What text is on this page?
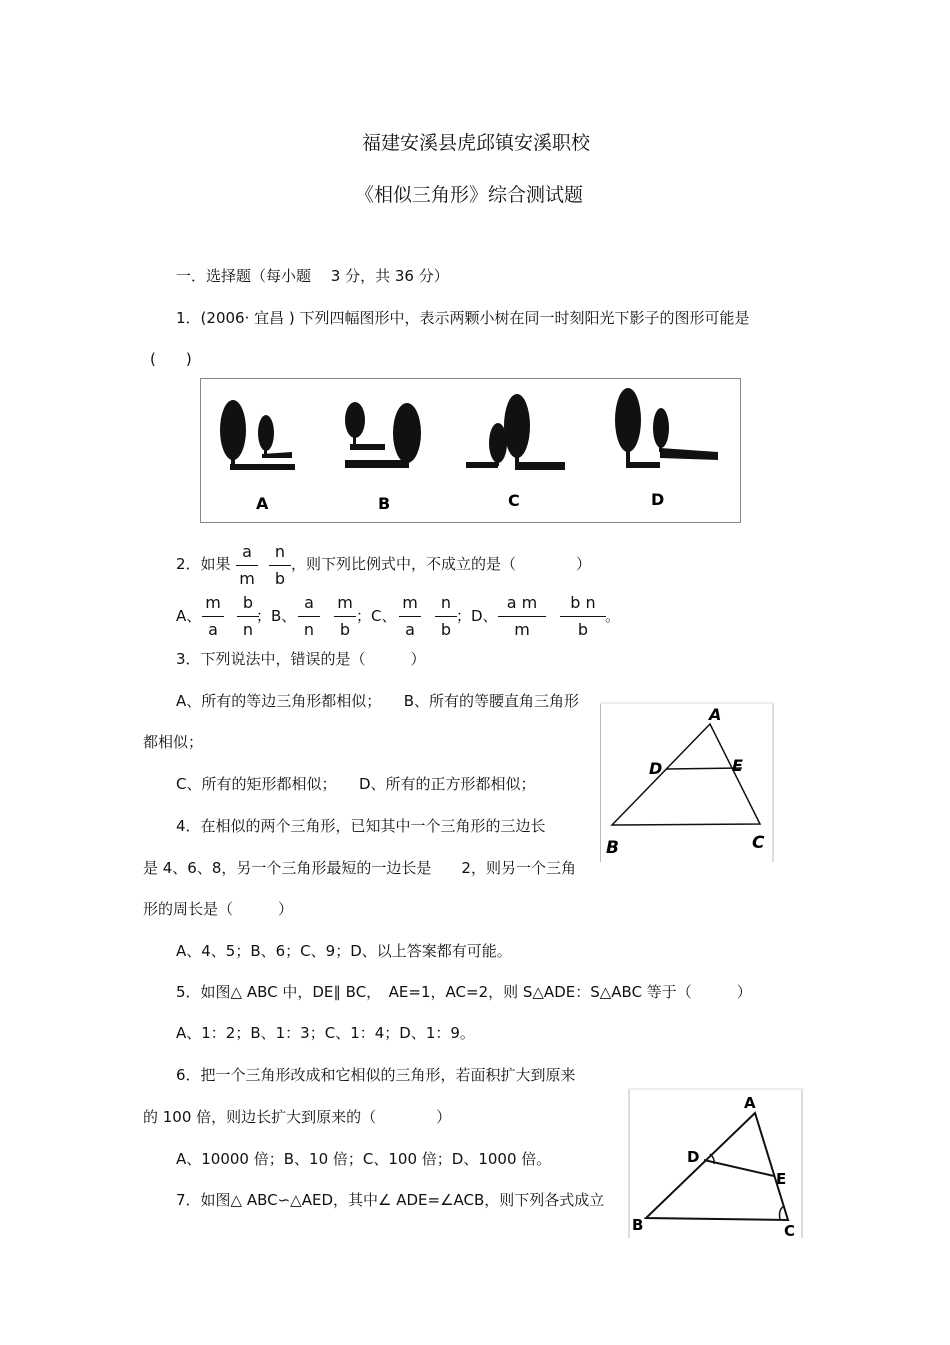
福建安溪县虎邱镇安溪职校
《相似三角形》综合测试题
一．选择题（每小题　 3 分，共 36 分）
1．(2006· 宜昌 ) 下列四幅图形中，表示两颗小树在同一时刻阳光下影子的图形可能是
(　　)
A	B	C	D
2．如果 $\frac{a}{m} \frac{n}{b}$ ，则下列比例式中，不成立的是（　　　　）
A、 $\frac{m}{a} \frac{b}{n}$
；B、 $\frac{a}{n} \frac{m}{b}$ ；C、 $\frac{m}{a} \frac{n}{b}$ ；D、 $\frac{\text{a m}}{m} \frac{\text{b n}}{b}$ 。
3．下列说法中，错误的是（　　　）
A、所有的等边三角形都相似；　　B、所有的等腰直角三角形
都相似；
C、所有的矩形都相似；　　D、所有的正方形都相似；
A
D	E
B	C
4．在相似的两个三角形，已知其中一个三角形的三边长
是 4、6、8，另一个三角形最短的一边长是　　2，则另一个三角
形的周长是（　　　）
A、4、5；B、6；C、9；D、以上答案都有可能。
5．如图△ ABC 中，DE∥ BC，　AE=1，AC=2，则 S△ADE：S△ABC 等于（　　　）
A、1：2；B、1：3；C、1：4；D、1：9。
6．把一个三角形改成和它相似的三角形，若面积扩大到原来
的 100 倍，则边长扩大到原来的（　　　　）
A、10000 倍；B、10 倍；C、100 倍；D、1000 倍。
7．如图△ ABC∽△AED，其中∠ ADE=∠ACB，则下列各式成立
A
D
E
B	C
